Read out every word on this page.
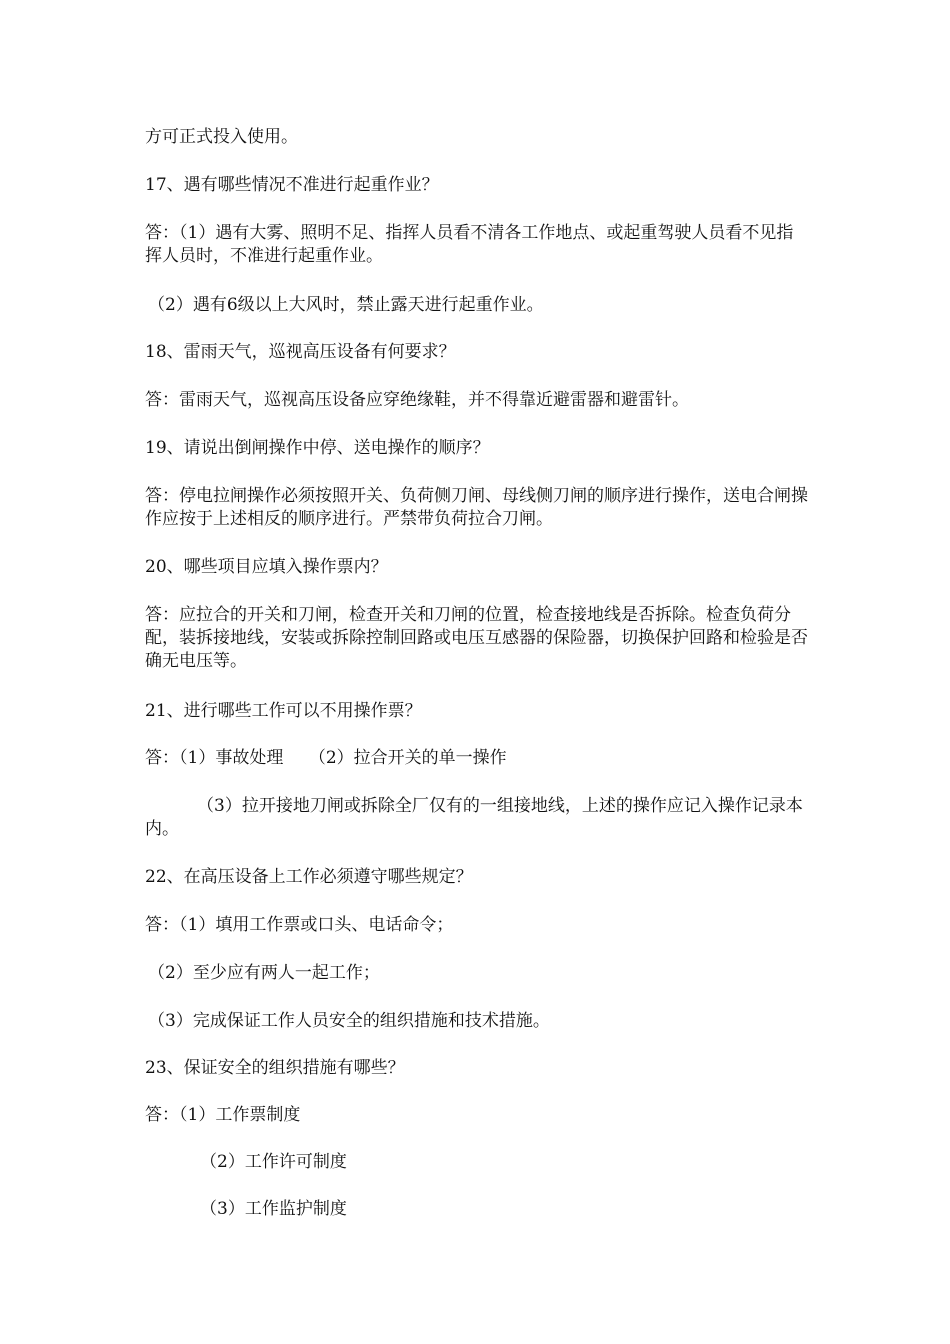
方可正式投入使用。

17、遇有哪些情况不准进行起重作业？

答：（1）遇有大雾、照明不足、指挥人员看不清各工作地点、或起重驾驶人员看不见指挥人员时，不准进行起重作业。

（2）遇有6级以上大风时，禁止露天进行起重作业。

18、雷雨天气，巡视高压设备有何要求？

答：雷雨天气，巡视高压设备应穿绝缘鞋，并不得靠近避雷器和避雷针。

19、请说出倒闸操作中停、送电操作的顺序？

答：停电拉闸操作必须按照开关、负荷侧刀闸、母线侧刀闸的顺序进行操作，送电合闸操作应按于上述相反的顺序进行。严禁带负荷拉合刀闸。

20、哪些项目应填入操作票内？

答：应拉合的开关和刀闸，检查开关和刀闸的位置，检查接地线是否拆除。检查负荷分配，装拆接地线，安装或拆除控制回路或电压互感器的保险器，切换保护回路和检验是否确无电压等。

21、进行哪些工作可以不用操作票？

答：（1）事故处理　　（2）拉合开关的单一操作

（3）拉开接地刀闸或拆除全厂仅有的一组接地线，上述的操作应记入操作记录本内。

22、在高压设备上工作必须遵守哪些规定？

答：（1）填用工作票或口头、电话命令；

（2）至少应有两人一起工作；

（3）完成保证工作人员安全的组织措施和技术措施。

23、保证安全的组织措施有哪些？

答：（1）工作票制度

（2）工作许可制度

（3）工作监护制度
